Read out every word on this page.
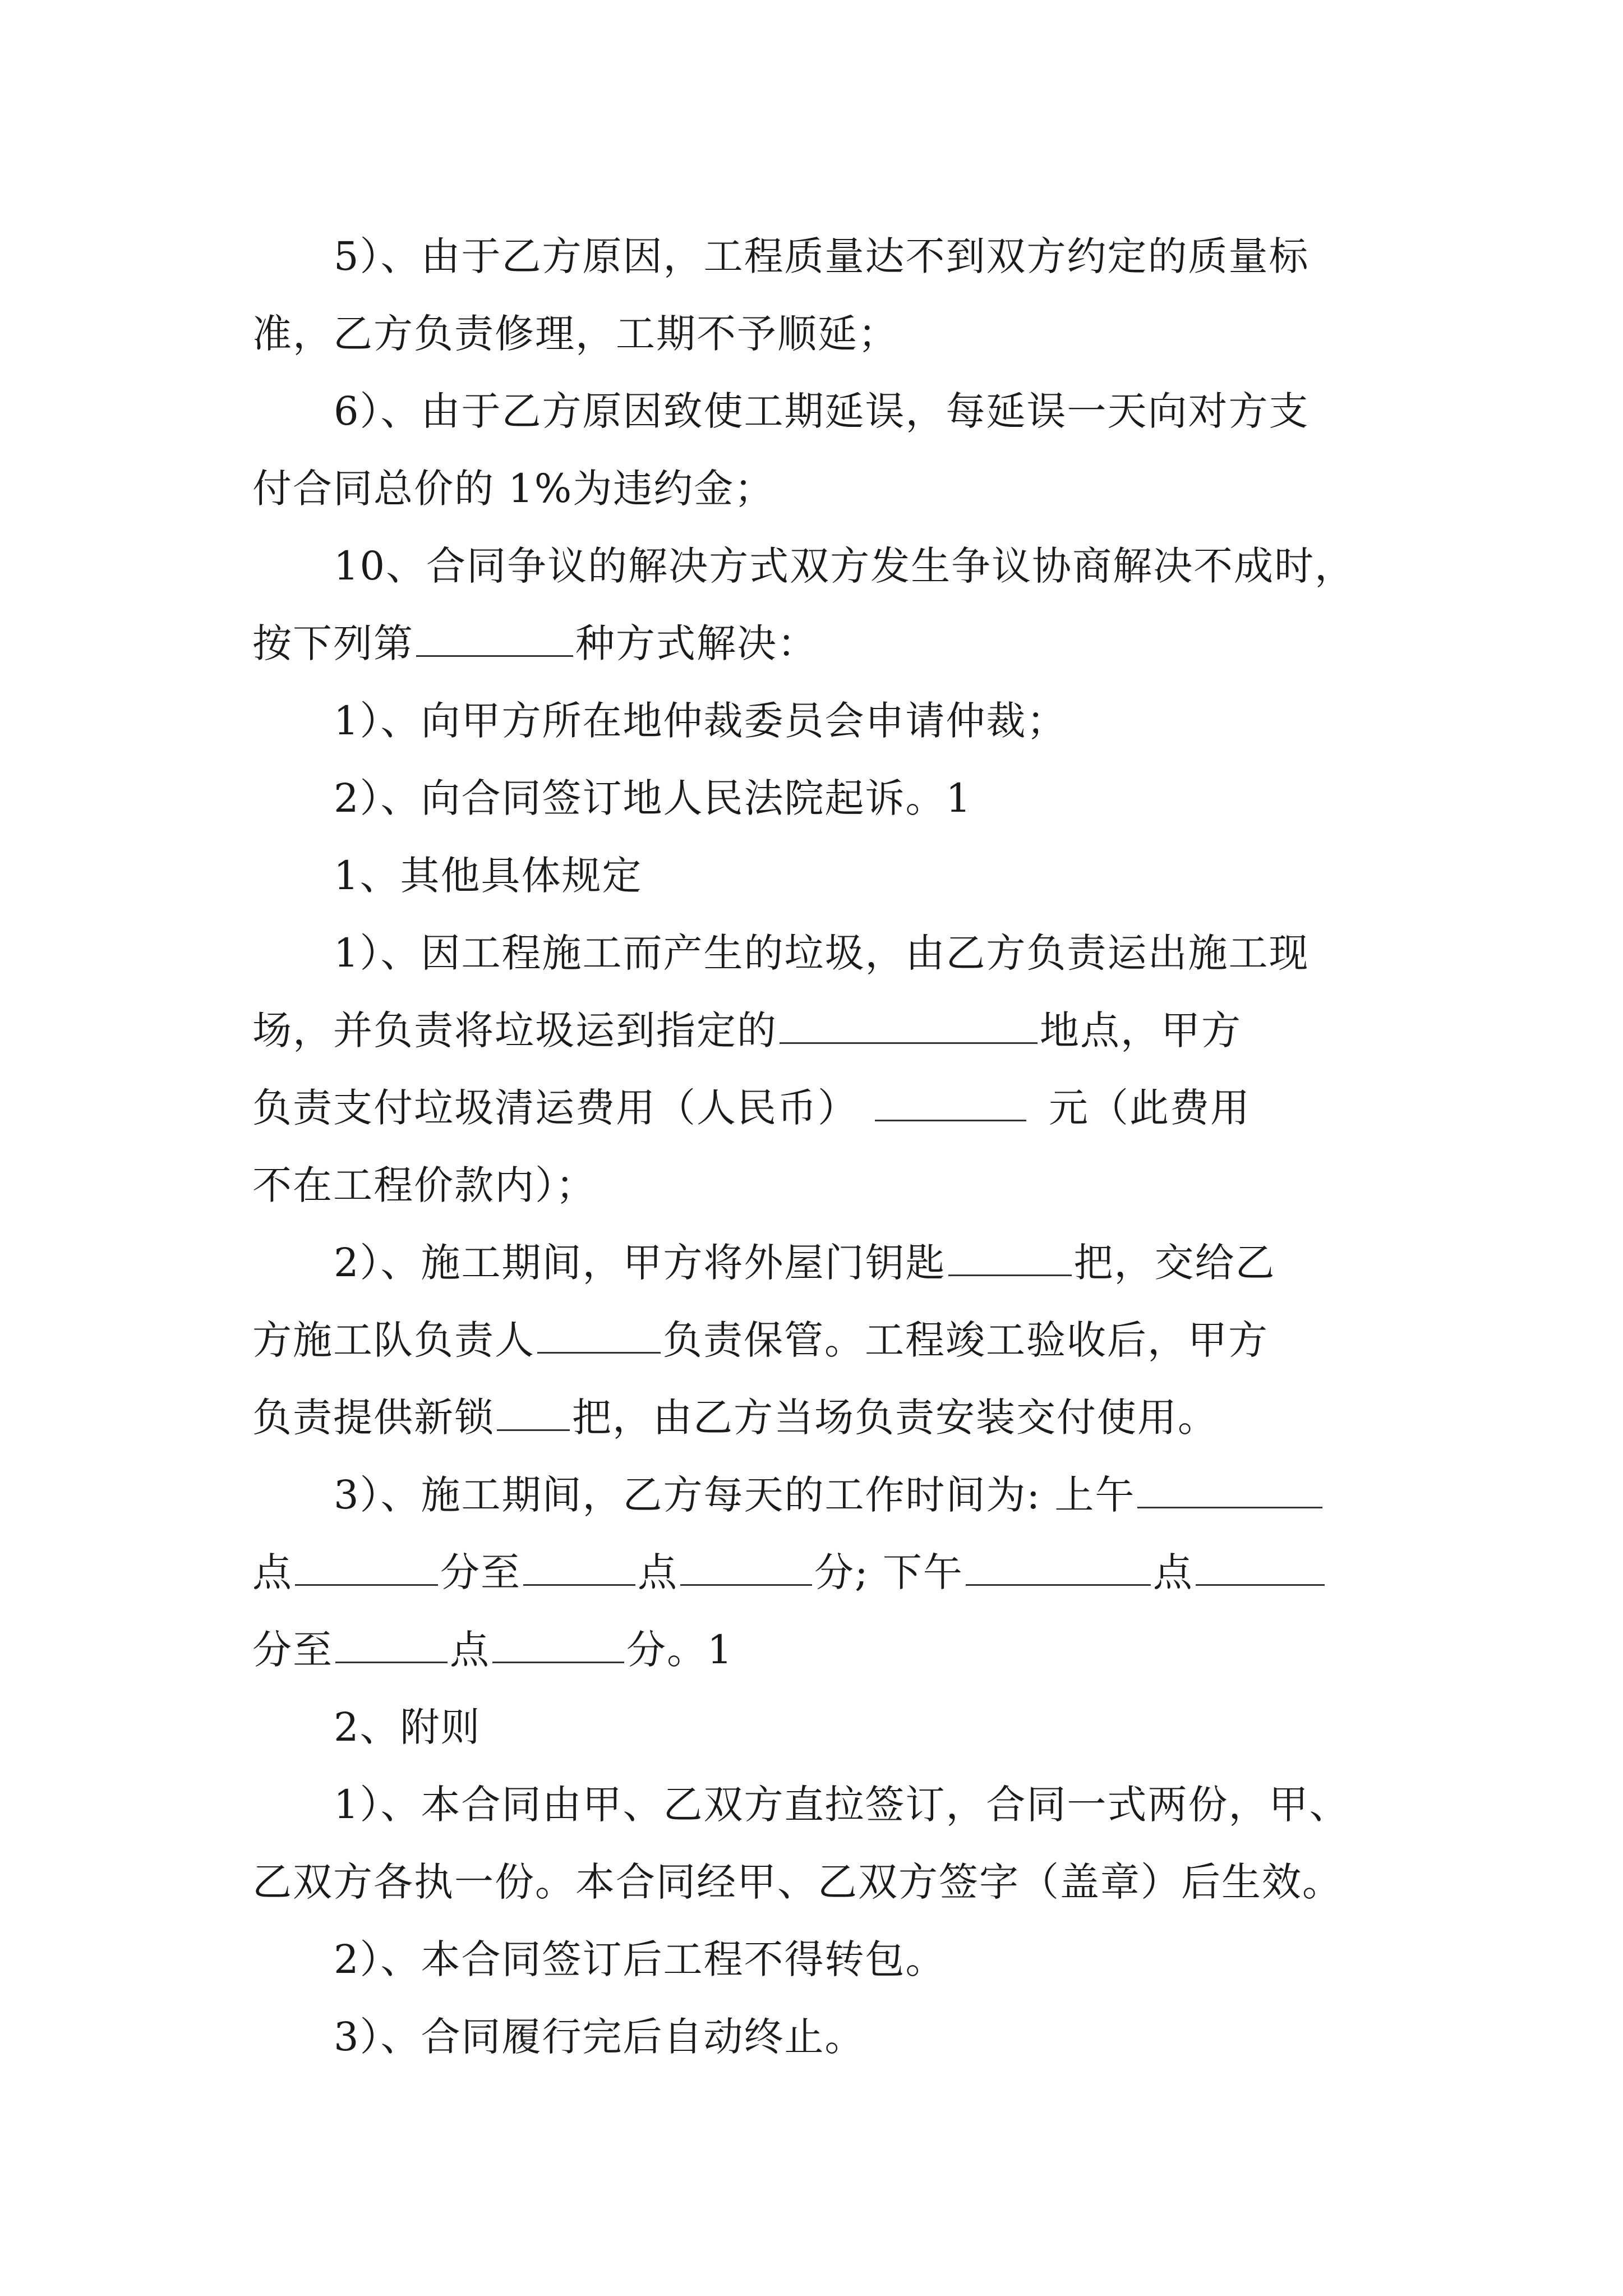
5）、由于乙方原因，工程质量达不到双方约定的质量标
准，乙方负责修理，工期不予顺延；
6）、由于乙方原因致使工期延误，每延误一天向对方支
付合同总价的 1%为违约金；
10、合同争议的解决方式双方发生争议协商解决不成时，
按下列第	种方式解决：
1）、向甲方所在地仲裁委员会申请仲裁；
2）、向合同签订地人民法院起诉。1
1、其他具体规定
1）、因工程施工而产生的垃圾，由乙方负责运出施工现
场，并负责将垃圾运到指定的	地点，甲方
负责支付垃圾清运费用（人民币）	元（此费用
不在工程价款内）；
2）、施工期间，甲方将外屋门钥匙	把，交给乙
方施工队负责人	负责保管。工程竣工验收后，甲方
负责提供新锁 把，由乙方当场负责安装交付使用。
3）、施工期间，乙方每天的工作时间为: 上午
点	分至	点	分; 下午	点
分至	点	分。1
2、附则
1）、本合同由甲、乙双方直拉签订，合同一式两份，甲、
乙双方各执一份。本合同经甲、乙双方签字（盖章）后生效。
2）、本合同签订后工程不得转包。
3）、合同履行完后自动终止。
